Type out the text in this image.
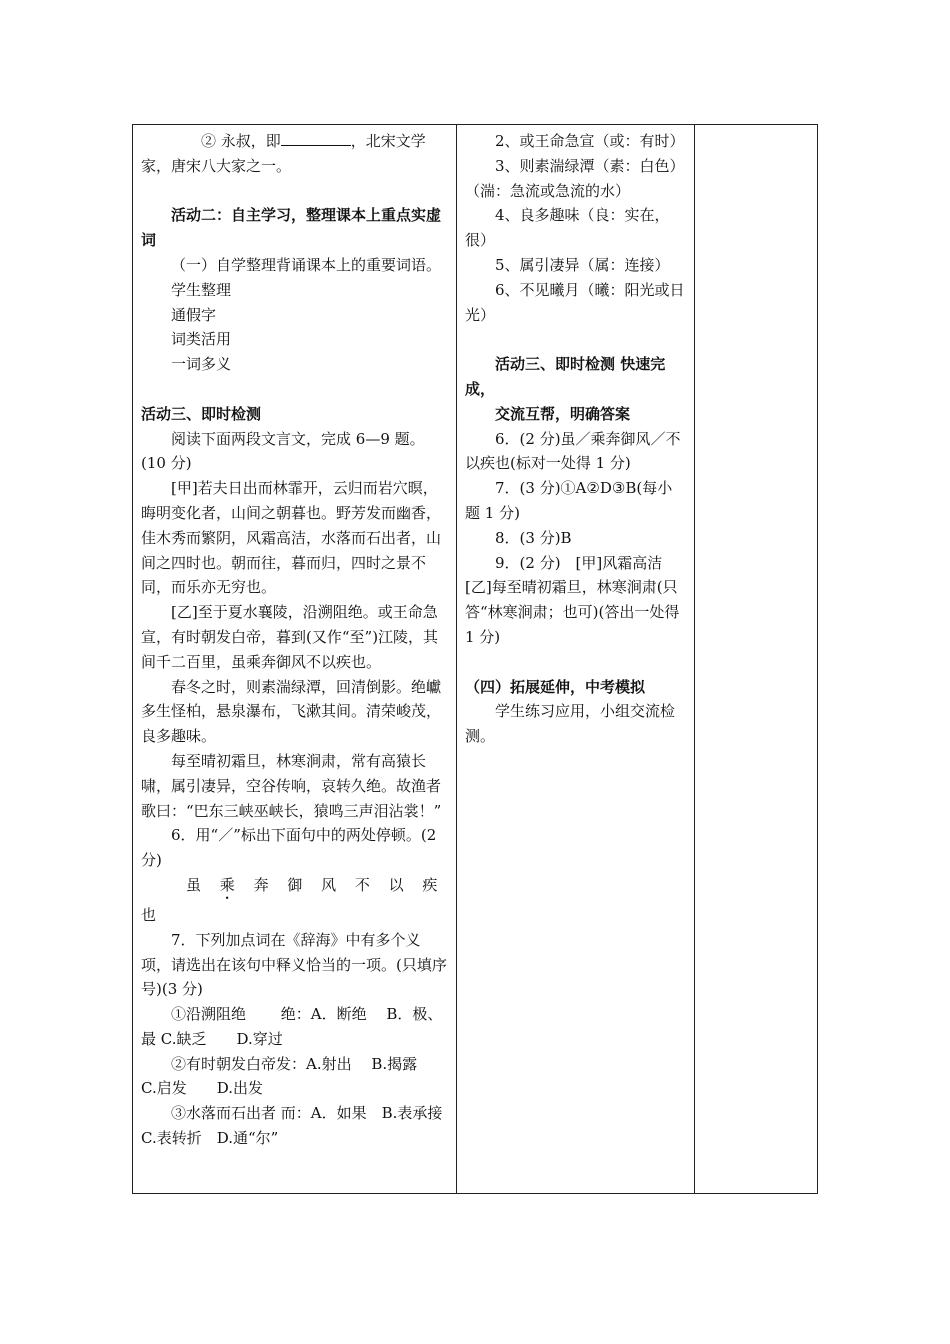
② 永叔，即	，北宋文学家，唐宋八大家之一。

活动二：自主学习，整理课本上重点实虚词

（一）自学整理背诵课本上的重要词语。

学生整理

通假字

词类活用

一词多义

活动三、即时检测

阅读下面两段文言文，完成 6—9 题。(10 分)

[甲]若夫日出而林霏开，云归而岩穴暝，晦明变化者，山间之朝暮也。野芳发而幽香，佳木秀而繁阴，风霜高洁，水落而石出者，山间之四时也。朝而往，暮而归，四时之景不同，而乐亦无穷也。

[乙]至于夏水襄陵，沿溯阻绝。或王命急宣，有时朝发白帝，暮到(又作“至”)江陵，其间千二百里，虽乘奔御风不以疾也。

春冬之时，则素湍绿潭，回清倒影。绝巘多生怪柏，悬泉瀑布，飞漱其间。清荣峻茂，良多趣味。

每至晴初霜旦，林寒涧肃，常有高猿长啸，属引凄异，空谷传响，哀转久绝。故渔者歌曰：“巴东三峡巫峡长，猿鸣三声泪沾裳！”

6．用“／”标出下面句中的两处停顿。(2 分)

虽 乘 奔 御 风 不 以 疾 也

7．下列加点词在《辞海》中有多个义项，请选出在该句中释义恰当的一项。(只填序号)(3 分)

①沿溯阻绝　　 绝：A．断绝　 B．极、最 C.缺乏　　D.穿过

②有时朝发白帝发：A.射出　 B.揭露　　C.启发　　D.出发

③水落而石出者 而：A．如果　B.表承接　C.表转折　D.通“尔”

2、或王命急宣（或：有时）

3、则素湍绿潭（素：白色）（湍：急流或急流的水）

4、良多趣味（良：实在，很）

5、属引凄异（属：连接）

6、不见曦月（曦：阳光或日光）

活动三、即时检测 快速完成，

交流互帮，明确答案

6．(2 分)虽／乘奔御风／不以疾也(标对一处得 1 分)

7．(3 分)①A②D③B(每小题 1 分)

8．(3 分)B

9．(2 分)　[甲]风霜高洁 [乙]每至晴初霜旦，林寒涧肃(只答“林寒涧肃；也可)(答出一处得 1 分)

（四）拓展延伸，中考模拟

学生练习应用，小组交流检测。
